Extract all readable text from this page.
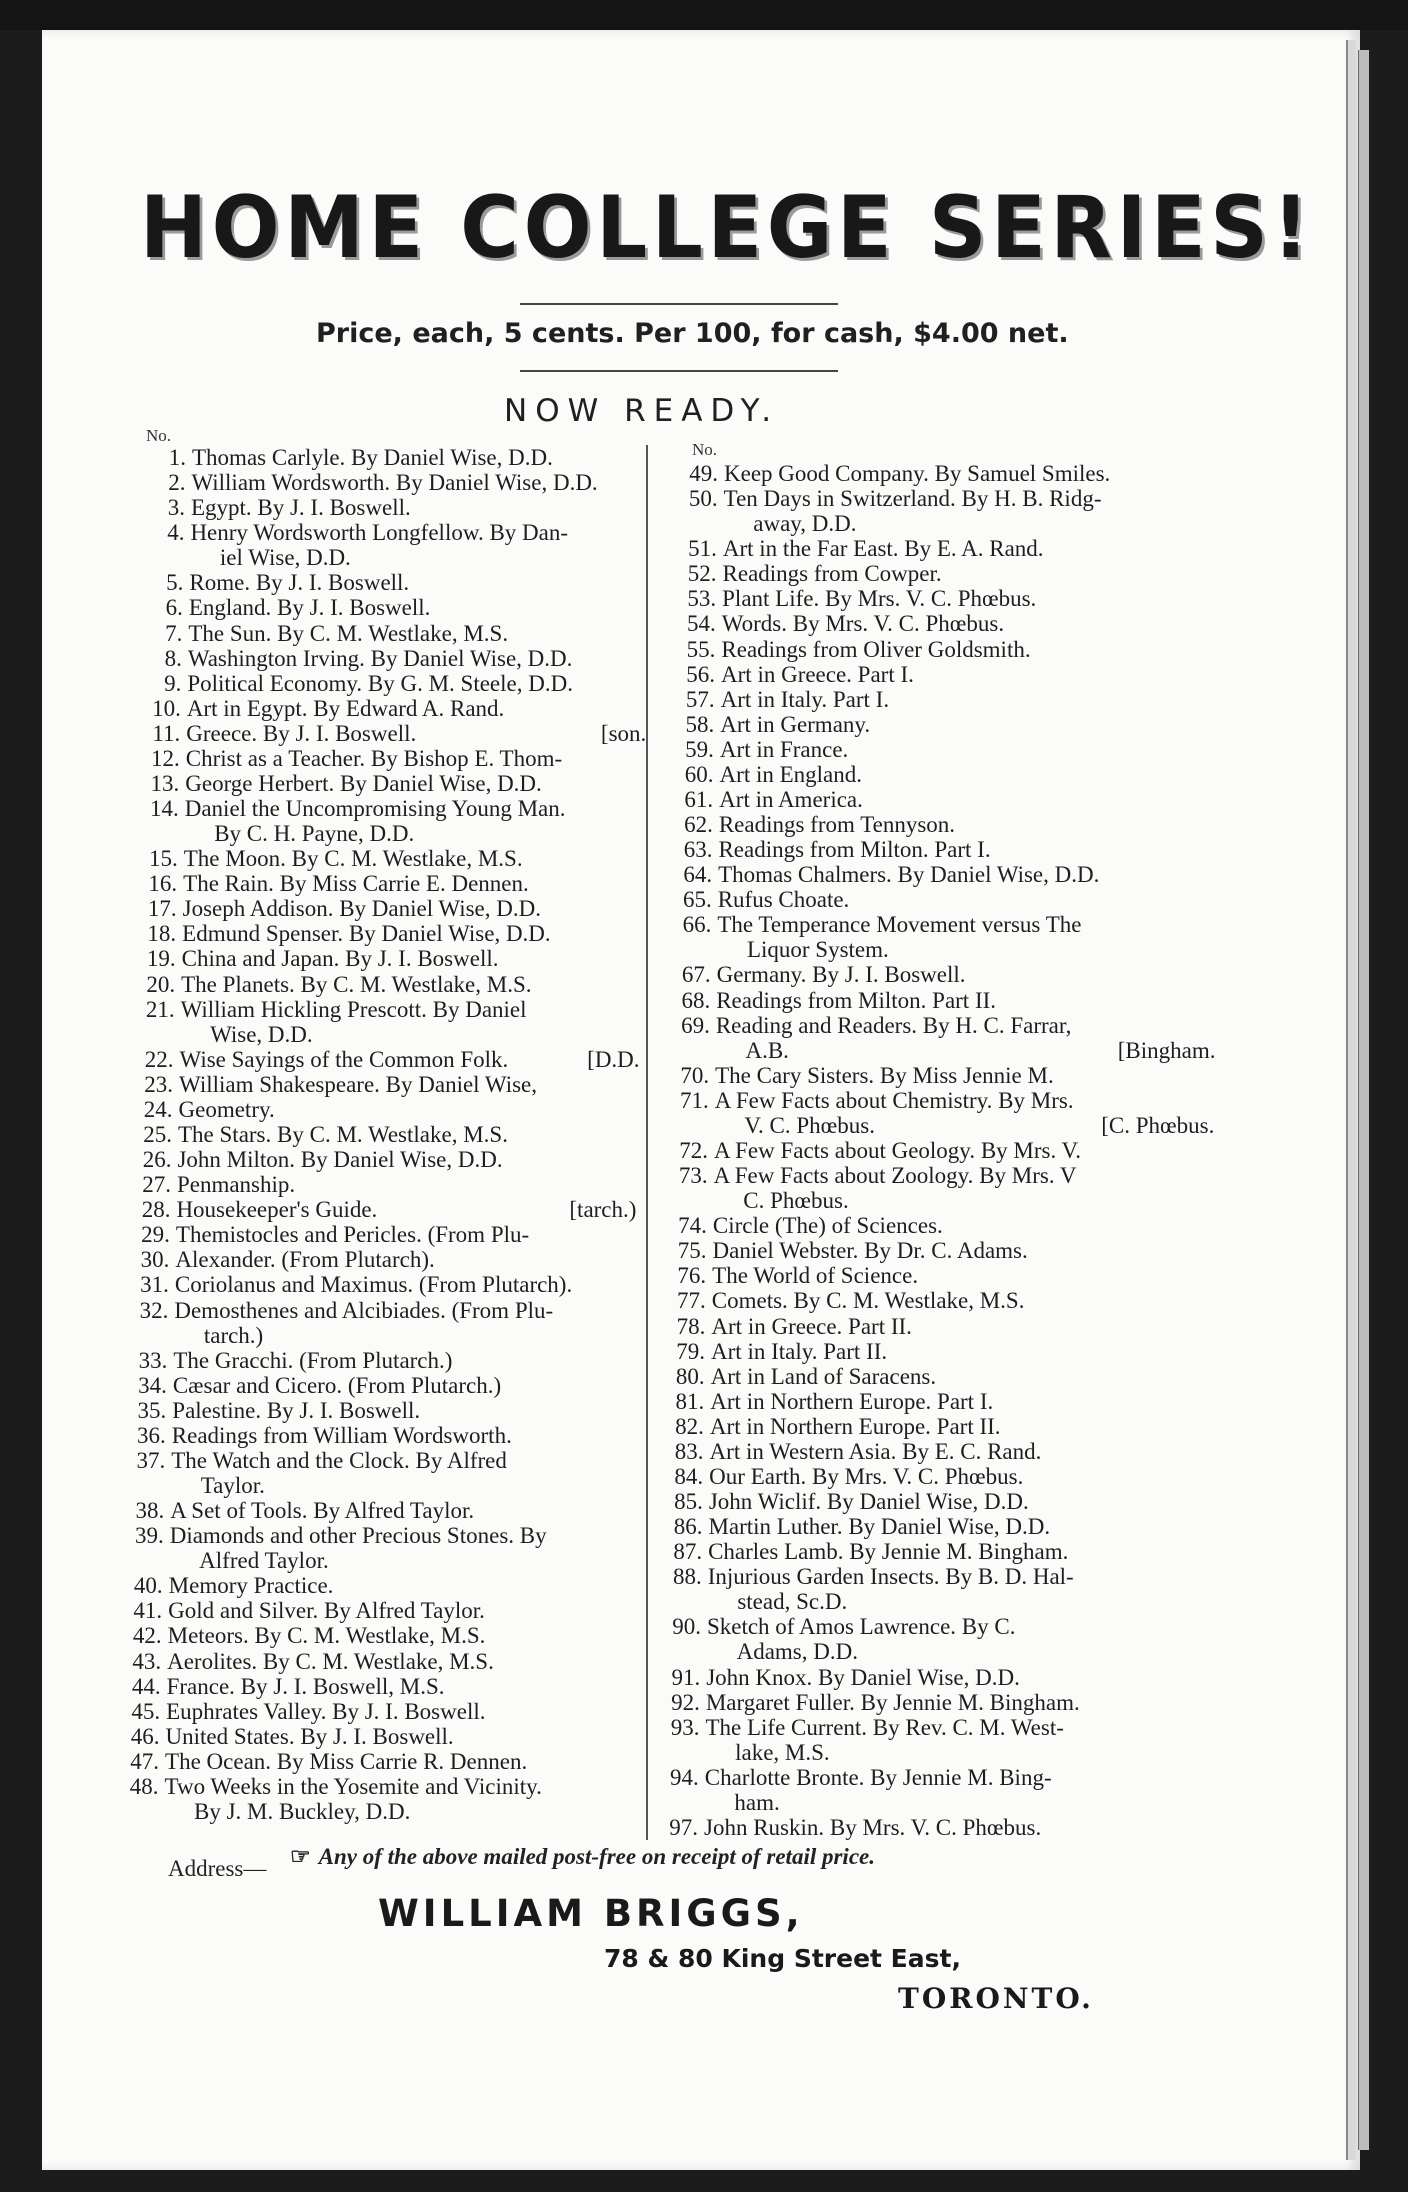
HOME COLLEGE SERIES!
Price, each, 5 cents. Per 100, for cash, $4.00 net.
NOW READY.
No.
No.
1. Thomas Carlyle. By Daniel Wise, D.D.
2. William Wordsworth. By Daniel Wise, D.D.
3. Egypt. By J. I. Boswell.
4. Henry Wordsworth Longfellow. By Dan-
iel Wise, D.D.
5. Rome. By J. I. Boswell.
6. England. By J. I. Boswell.
7. The Sun. By C. M. Westlake, M.S.
8. Washington Irving. By Daniel Wise, D.D.
9. Political Economy. By G. M. Steele, D.D.
10. Art in Egypt. By Edward A. Rand.
11. Greece. By J. I. Boswell.	[son.
12. Christ as a Teacher. By Bishop E. Thom-
13. George Herbert. By Daniel Wise, D.D.
14. Daniel the Uncompromising Young Man.
By C. H. Payne, D.D.
15. The Moon. By C. M. Westlake, M.S.
16. The Rain. By Miss Carrie E. Dennen.
17. Joseph Addison. By Daniel Wise, D.D.
18. Edmund Spenser. By Daniel Wise, D.D.
19. China and Japan. By J. I. Boswell.
20. The Planets. By C. M. Westlake, M.S.
21. William Hickling Prescott. By Daniel
Wise, D.D.
22. Wise Sayings of the Common Folk.	[D.D.
23. William Shakespeare. By Daniel Wise,
24. Geometry.
25. The Stars. By C. M. Westlake, M.S.
26. John Milton. By Daniel Wise, D.D.
27. Penmanship.
28. Housekeeper's Guide.	[tarch.)
29. Themistocles and Pericles. (From Plu-
30. Alexander. (From Plutarch).
31. Coriolanus and Maximus. (From Plutarch).
32. Demosthenes and Alcibiades. (From Plu-
tarch.)
33. The Gracchi. (From Plutarch.)
34. Cæsar and Cicero. (From Plutarch.)
35. Palestine. By J. I. Boswell.
36. Readings from William Wordsworth.
37. The Watch and the Clock. By Alfred
Taylor.
38. A Set of Tools. By Alfred Taylor.
39. Diamonds and other Precious Stones. By
Alfred Taylor.
40. Memory Practice.
41. Gold and Silver. By Alfred Taylor.
42. Meteors. By C. M. Westlake, M.S.
43. Aerolites. By C. M. Westlake, M.S.
44. France. By J. I. Boswell, M.S.
45. Euphrates Valley. By J. I. Boswell.
46. United States. By J. I. Boswell.
47. The Ocean. By Miss Carrie R. Dennen.
48. Two Weeks in the Yosemite and Vicinity.
By J. M. Buckley, D.D.
49. Keep Good Company. By Samuel Smiles.
50. Ten Days in Switzerland. By H. B. Ridg-
away, D.D.
51. Art in the Far East. By E. A. Rand.
52. Readings from Cowper.
53. Plant Life. By Mrs. V. C. Phœbus.
54. Words. By Mrs. V. C. Phœbus.
55. Readings from Oliver Goldsmith.
56. Art in Greece. Part I.
57. Art in Italy. Part I.
58. Art in Germany.
59. Art in France.
60. Art in England.
61. Art in America.
62. Readings from Tennyson.
63. Readings from Milton. Part I.
64. Thomas Chalmers. By Daniel Wise, D.D.
65. Rufus Choate.
66. The Temperance Movement versus The
Liquor System.
67. Germany. By J. I. Boswell.
68. Readings from Milton. Part II.
69. Reading and Readers. By H. C. Farrar,
A.B.	[Bingham.
70. The Cary Sisters. By Miss Jennie M.
71. A Few Facts about Chemistry. By Mrs.
V. C. Phœbus.	[C. Phœbus.
72. A Few Facts about Geology. By Mrs. V.
73. A Few Facts about Zoology. By Mrs. V
C. Phœbus.
74. Circle (The) of Sciences.
75. Daniel Webster. By Dr. C. Adams.
76. The World of Science.
77. Comets. By C. M. Westlake, M.S.
78. Art in Greece. Part II.
79. Art in Italy. Part II.
80. Art in Land of Saracens.
81. Art in Northern Europe. Part I.
82. Art in Northern Europe. Part II.
83. Art in Western Asia. By E. C. Rand.
84. Our Earth. By Mrs. V. C. Phœbus.
85. John Wiclif. By Daniel Wise, D.D.
86. Martin Luther. By Daniel Wise, D.D.
87. Charles Lamb. By Jennie M. Bingham.
88. Injurious Garden Insects. By B. D. Hal-
stead, Sc.D.
90. Sketch of Amos Lawrence. By C.
Adams, D.D.
91. John Knox. By Daniel Wise, D.D.
92. Margaret Fuller. By Jennie M. Bingham.
93. The Life Current. By Rev. C. M. West-
lake, M.S.
94. Charlotte Bronte. By Jennie M. Bing-
ham.
97. John Ruskin. By Mrs. V. C. Phœbus.
Address— ☞ Any of the above mailed post-free on receipt of retail price.
WILLIAM BRIGGS,
78 & 80 King Street East,
TORONTO.
